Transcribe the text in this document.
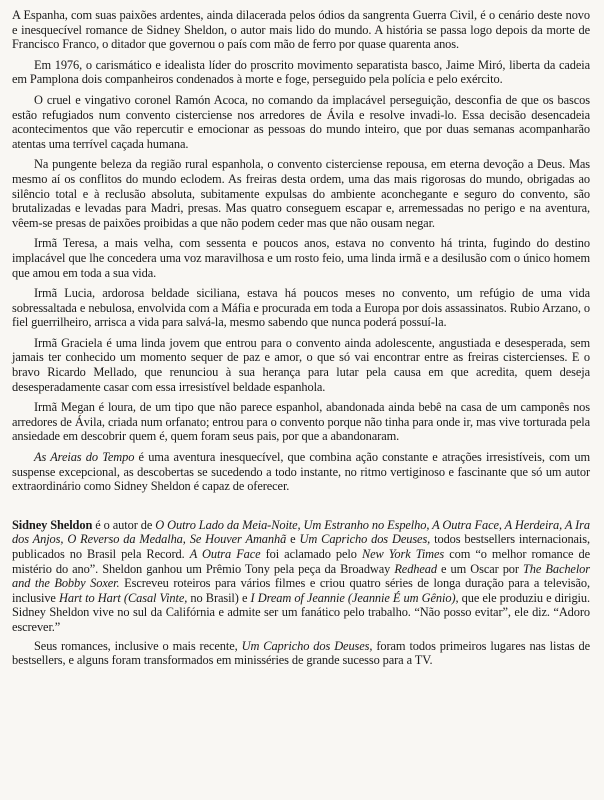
A Espanha, com suas paixões ardentes, ainda dilacerada pelos ódios da sangrenta Guerra Civil, é o cenário deste novo e inesquecível romance de Sidney Sheldon, o autor mais lido do mundo. A história se passa logo depois da morte de Francisco Franco, o ditador que governou o país com mão de ferro por quase quarenta anos.

Em 1976, o carismático e idealista líder do proscrito movimento separatista basco, Jaime Miró, liberta da cadeia em Pamplona dois companheiros condenados à morte e foge, perseguido pela polícia e pelo exército.

O cruel e vingativo coronel Ramón Acoca, no comando da implacável perseguição, desconfia de que os bascos estão refugiados num convento cisterciense nos arredores de Ávila e resolve invadi-lo. Essa decisão desencadeia acontecimentos que vão repercutir e emocionar as pessoas do mundo inteiro, que por duas semanas acompanharão atentas uma terrível caçada humana.

Na pungente beleza da região rural espanhola, o convento cisterciense repousa, em eterna devoção a Deus. Mas mesmo aí os conflitos do mundo eclodem. As freiras desta ordem, uma das mais rigorosas do mundo, obrigadas ao silêncio total e à reclusão absoluta, subitamente expulsas do ambiente aconchegante e seguro do convento, são brutalizadas e levadas para Madri, presas. Mas quatro conseguem escapar e, arremessadas no perigo e na aventura, vêem-se presas de paixões proibidas a que não podem ceder mas que não ousam negar.

Irmã Teresa, a mais velha, com sessenta e poucos anos, estava no convento há trinta, fugindo do destino implacável que lhe concedera uma voz maravilhosa e um rosto feio, uma linda irmã e a desilusão com o único homem que amou em toda a sua vida.

Irmã Lucia, ardorosa beldade siciliana, estava há poucos meses no convento, um refúgio de uma vida sobressaltada e nebulosa, envolvida com a Máfia e procurada em toda a Europa por dois assassinatos. Rubio Arzano, o fiel guerrilheiro, arrisca a vida para salvá-la, mesmo sabendo que nunca poderá possuí-la.

Irmã Graciela é uma linda jovem que entrou para o convento ainda adolescente, angustiada e desesperada, sem jamais ter conhecido um momento sequer de paz e amor, o que só vai encontrar entre as freiras cistercienses. E o bravo Ricardo Mellado, que renunciou à sua herança para lutar pela causa em que acredita, quem deseja desesperadamente casar com essa irresistível beldade espanhola.

Irmã Megan é loura, de um tipo que não parece espanhol, abandonada ainda bebê na casa de um camponês nos arredores de Ávila, criada num orfanato; entrou para o convento porque não tinha para onde ir, mas vive torturada pela ansiedade em descobrir quem é, quem foram seus pais, por que a abandonaram.

As Areias do Tempo é uma aventura inesquecível, que combina ação constante e atrações irresistíveis, com um suspense excepcional, as descobertas se sucedendo a todo instante, no ritmo vertiginoso e fascinante que só um autor extraordinário como Sidney Sheldon é capaz de oferecer.

Sidney Sheldon é o autor de O Outro Lado da Meia-Noite, Um Estranho no Espelho, A Outra Face, A Herdeira, A Ira dos Anjos, O Reverso da Medalha, Se Houver Amanhã e Um Capricho dos Deuses, todos bestsellers internacionais, publicados no Brasil pela Record. A Outra Face foi aclamado pelo New York Times com “o melhor romance de mistério do ano”. Sheldon ganhou um Prêmio Tony pela peça da Broadway Redhead e um Oscar por The Bachelor and the Bobby Soxer. Escreveu roteiros para vários filmes e criou quatro séries de longa duração para a televisão, inclusive Hart to Hart (Casal Vinte, no Brasil) e I Dream of Jeannie (Jeannie É um Gênio), que ele produziu e dirigiu. Sidney Sheldon vive no sul da Califórnia e admite ser um fanático pelo trabalho. “Não posso evitar”, ele diz. “Adoro escrever.”

Seus romances, inclusive o mais recente, Um Capricho dos Deuses, foram todos primeiros lugares nas listas de bestsellers, e alguns foram transformados em minisséries de grande sucesso para a TV.
